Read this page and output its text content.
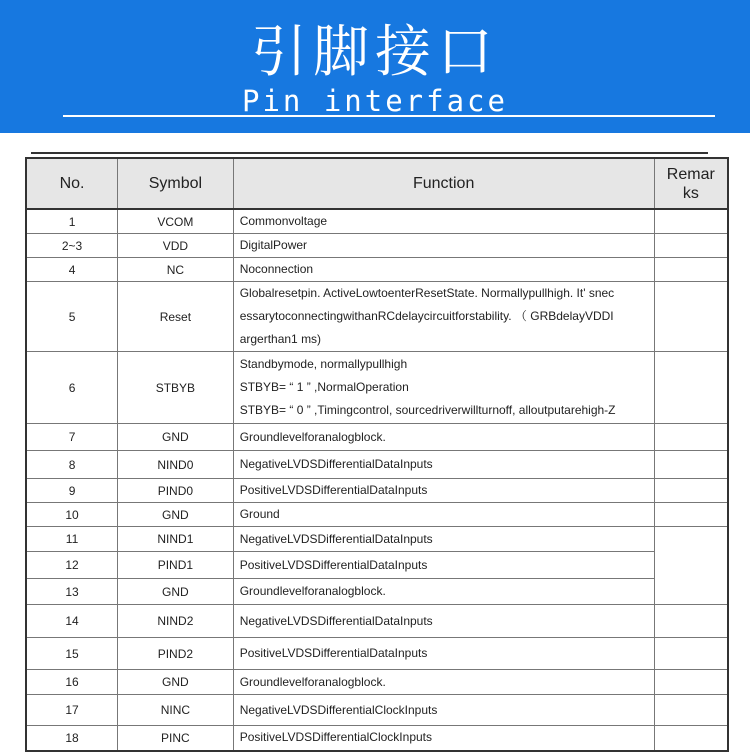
引脚接口
Pin interface
No.	Symbol	Function	Remar ks
1	VCOM	Commonvoltage	

2~3	VDD	DigitalPower	

4	NC	Noconnection	

5	Reset	Globalresetpin. ActiveLowtoenterResetState. Normallypullhigh. It' snec
essarytoconnectingwithanRCdelaycircuitforstability. （ GRBdelayVDDI
argerthan1 ms)	

6	STBYB	Standbymode, normallypullhigh
STBYB= “ 1 ” ,NormalOperation
STBYB= “ 0 ” ,Timingcontrol, sourcedriverwillturnoff, alloutputarehigh-Z	

7	GND	Groundlevelforanalogblock.	

8	NIND0	NegativeLVDSDifferentialDataInputs	

9	PIND0	PositiveLVDSDifferentialDataInputs	

10	GND	Ground	

11	NIND1	NegativeLVDSDifferentialDataInputs	

12	PIND1	PositiveLVDSDifferentialDataInputs	

13	GND	Groundlevelforanalogblock.	

14	NIND2	NegativeLVDSDifferentialDataInputs	

15	PIND2	PositiveLVDSDifferentialDataInputs	

16	GND	Groundlevelforanalogblock.	

17	NINC	NegativeLVDSDifferentialClockInputs	

18	PINC	PositiveLVDSDifferentialClockInputs	
